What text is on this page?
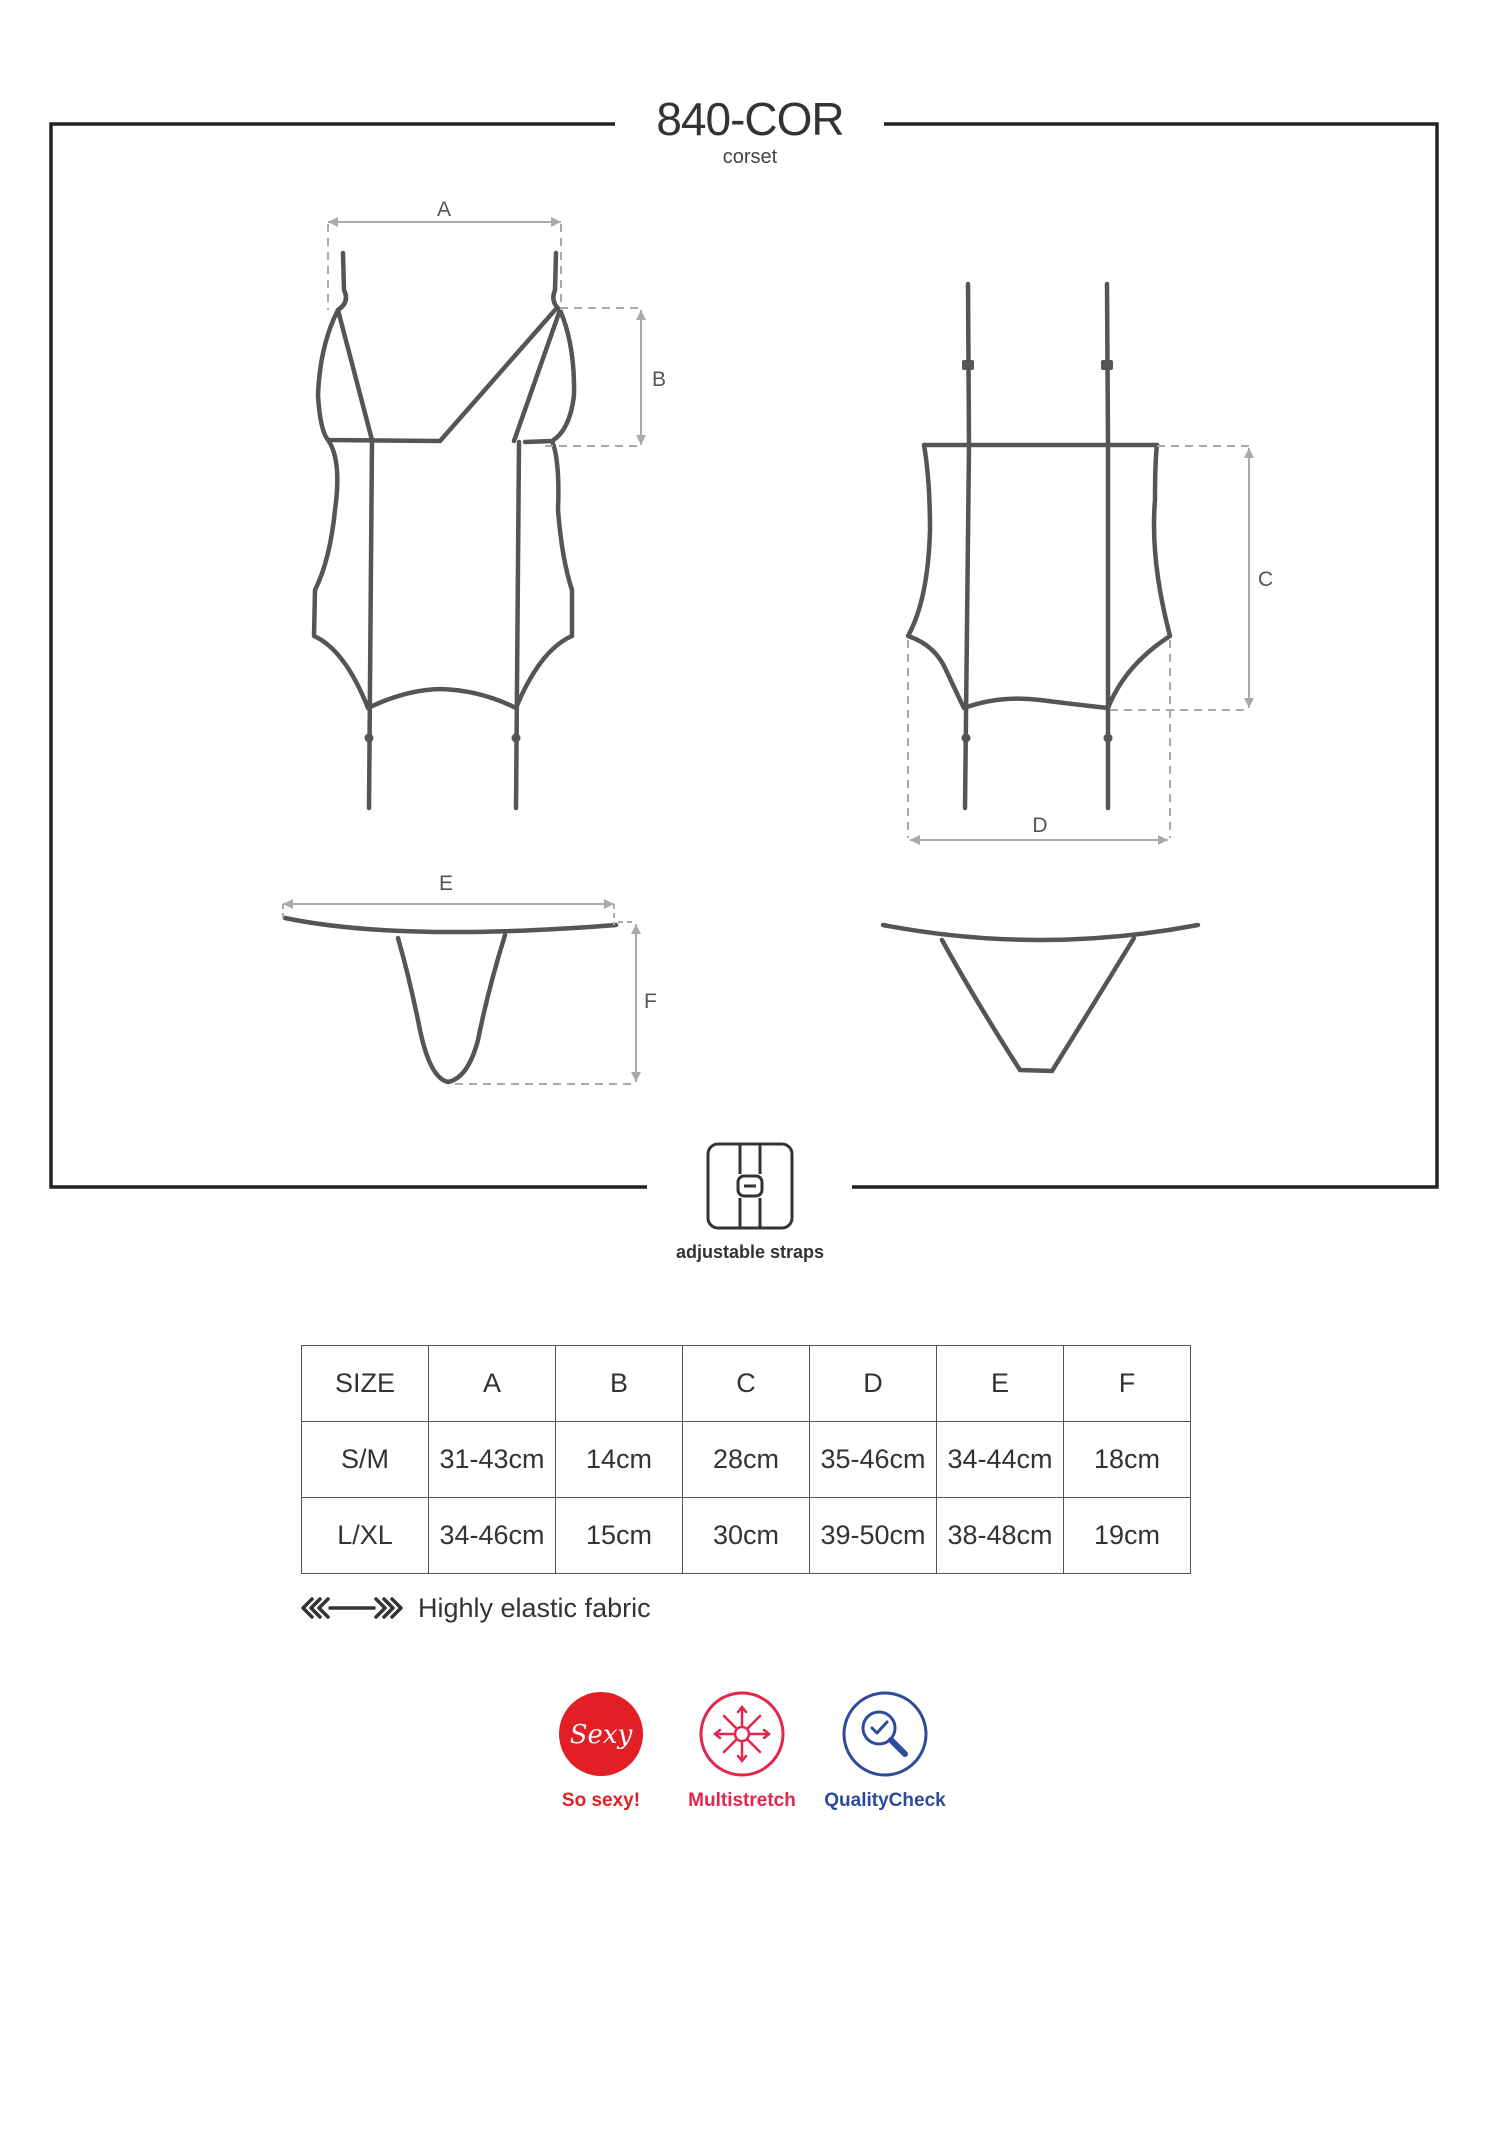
A
B
C
D
E
F
840-COR
corset
adjustable straps
SIZE	A	B	C	D	E	F
S/M	31-43cm	14cm	28cm	35-46cm	34-44cm	18cm
L/XL	34-46cm	15cm	30cm	39-50cm	38-48cm	19cm
Highly elastic fabric
Sexy
So sexy!	Multistretch	QualityCheck
